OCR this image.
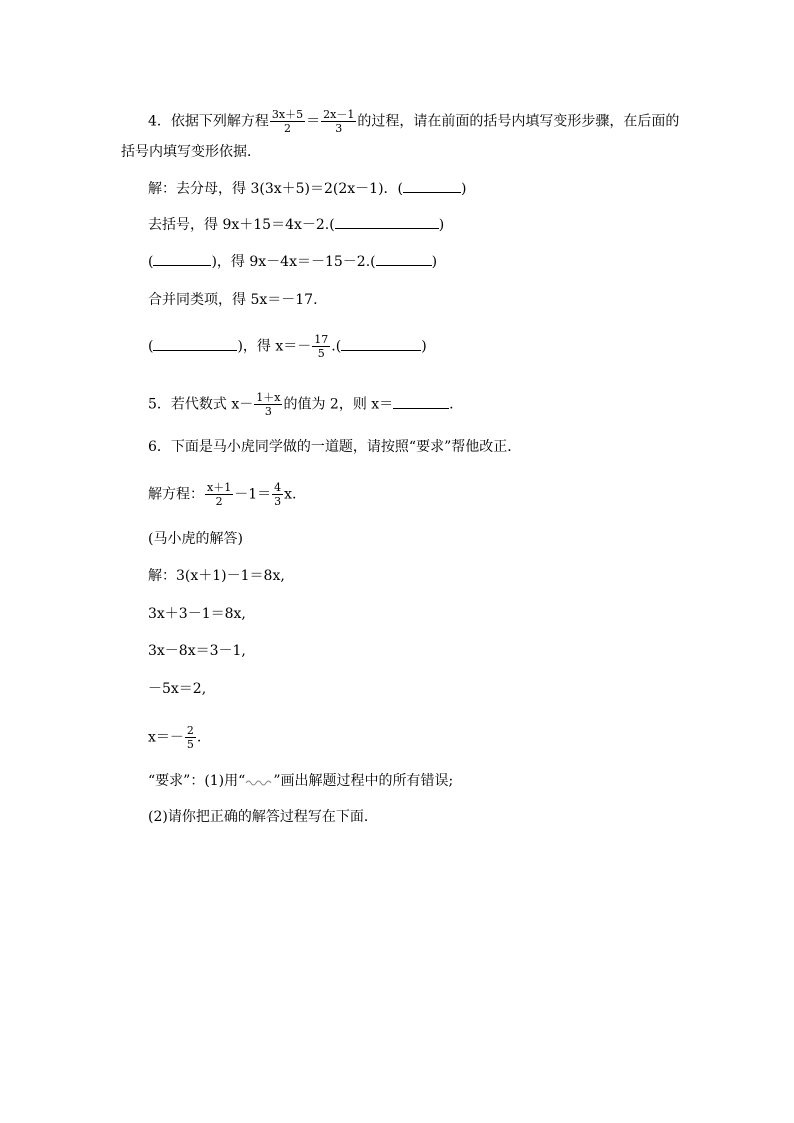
4．依据下列解方程 $\frac{3x+5}{2} = \frac{2x-1}{3}$ 的过程，请在前面的括号内填写变形步骤，在后面的
括号内填写变形依据．
解：去分母，得 3(3x＋5)＝2(2x－1)．(	)
去括号，得 9x＋15＝4x－2.(	)
(	)，得 9x－4x＝－15－2.(	)
合并同类项，得 5x＝－17.
(	)，得 $x=- \frac{17}{5}$ .(	)
5．若代数式 $x- \frac{1+x}{3}$ 的值为 2，则 x＝	.
6．下面是马小虎同学做的一道题，请按照“要求”帮他改正．
解方程： $\frac{x+1}{2} -1= \frac{4}{3} x$.
(马小虎的解答)
解：3(x＋1)－1＝8x,
3x＋3－1＝8x,
3x－8x＝3－1,
－5x＝2,
$x=- \frac{2}{5}$ .
“要求”：(1)用“ ”画出解题过程中的所有错误;
(2)请你把正确的解答过程写在下面．
